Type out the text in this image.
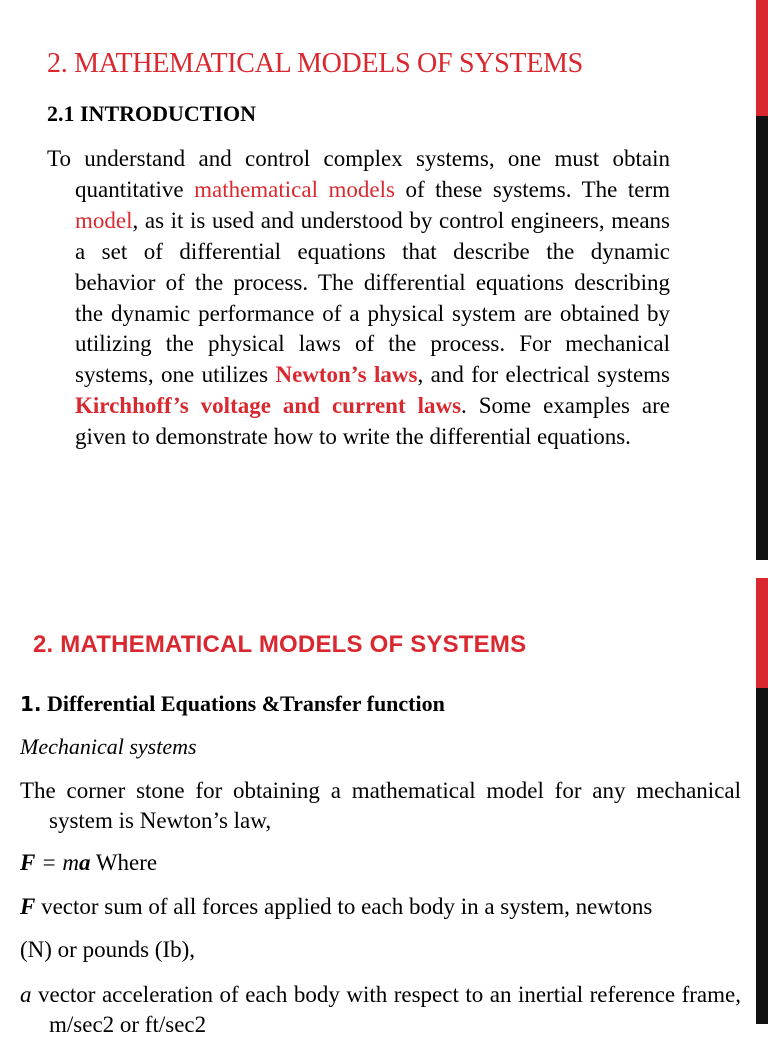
2. MATHEMATICAL MODELS OF SYSTEMS
2.1 INTRODUCTION

To understand and control complex systems, one must obtain quantitative mathematical models of these systems. The term model, as it is used and understood by control engineers, means a set of differential equations that describe the dynamic behavior of the process. The differential equations describing the dynamic performance of a physical system are obtained by utilizing the physical laws of the process. For mechanical systems, one utilizes Newton’s laws, and for electrical systems Kirchhoff’s voltage and current laws. Some examples are given to demonstrate how to write the differential equations.

2. MATHEMATICAL MODELS OF SYSTEMS
1. Differential Equations &Transfer function

Mechanical systems

The corner stone for obtaining a mathematical model for any mechanical system is Newton’s law,

F = ma Where

F vector sum of all forces applied to each body in a system, newtons

(N) or pounds (Ib),

a vector acceleration of each body with respect to an inertial reference frame, m/sec2 or ft/sec2
